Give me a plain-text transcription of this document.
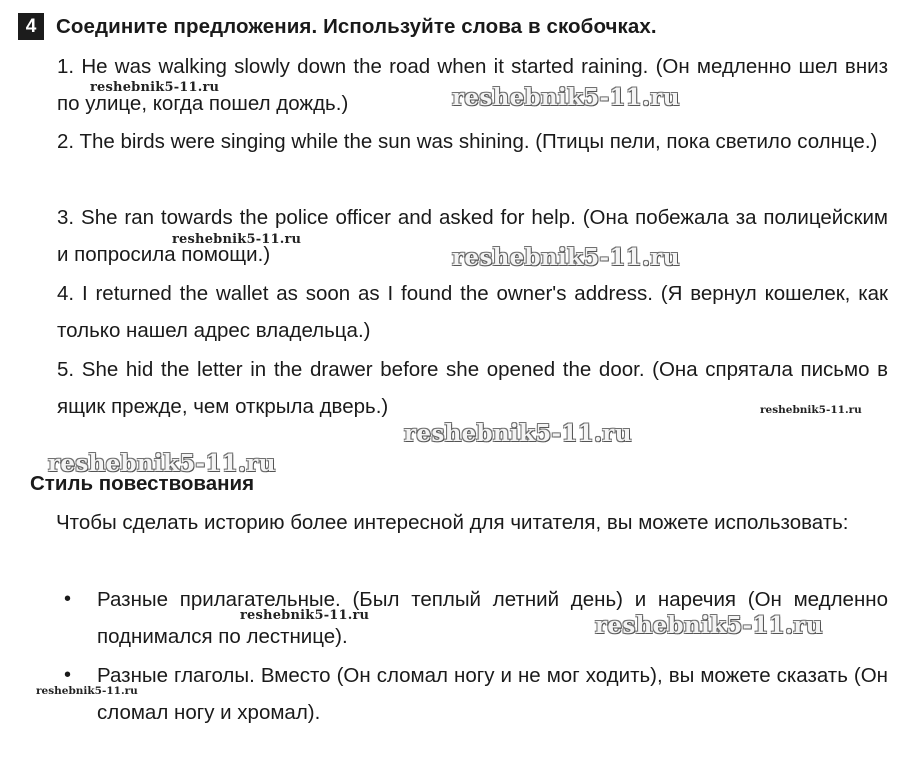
4 Соедините предложения. Используйте слова в скобочках.
1. He was walking slowly down the road when it started raining. (Он медленно шел вниз по улице, когда пошел дождь.)
2. The birds were singing while the sun was shining. (Птицы пели, пока светило солнце.)
3. She ran towards the police officer and asked for help. (Она побежала за полицейским и попросила помощи.)
4. I returned the wallet as soon as I found the owner's address. (Я вернул кошелек, как только нашел адрес владельца.)
5. She hid the letter in the drawer before she opened the door. (Она спрятала письмо в ящик прежде, чем открыла дверь.)
Стиль повествования
Чтобы сделать историю более интересной для читателя, вы можете использовать:
•	Разные прилагательные. (Был теплый летний день) и наречия (Он медленно поднимался по лестнице).
•	Разные глаголы. Вместо (Он сломал ногу и не мог ходить), вы можете сказать (Он сломал ногу и хромал).
reshebnik5-11.ru	reshebnik5-11.ru
reshebnik5-11.ru
reshebnik5-11.ru
reshebnik5-11.ru
reshebnik5-11.ru
reshebnik5-11.ru
reshebnik5-11.ru	reshebnik5-11.ru
reshebnik5-11.ru
